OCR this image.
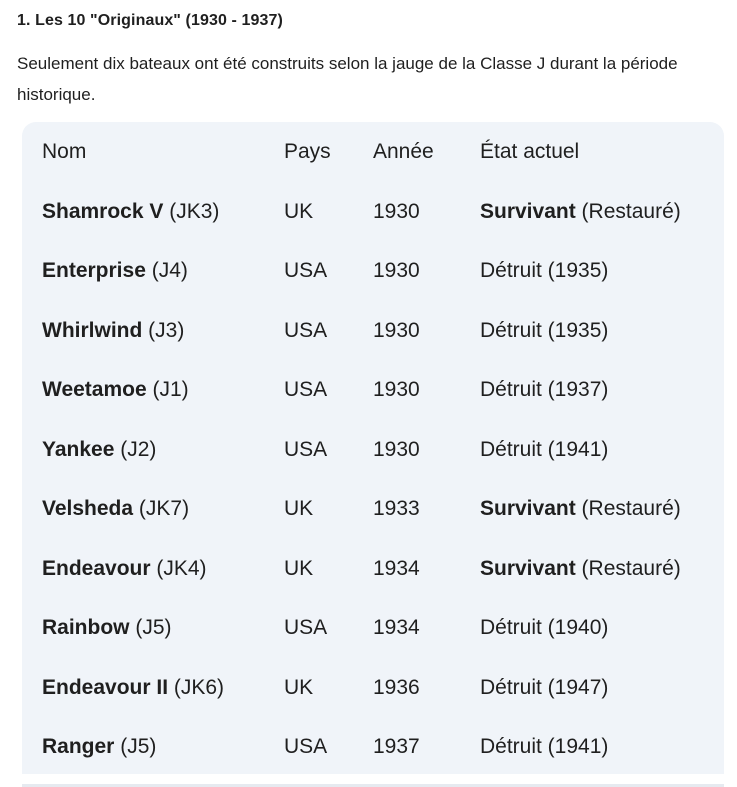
1. Les 10 "Originaux" (1930 - 1937)
Seulement dix bateaux ont été construits selon la jauge de la Classe J durant la période historique.
Nom	Pays	Année	État actuel
Shamrock V (JK3)	UK	1930	Survivant (Restauré)
Enterprise (J4)	USA	1930	Détruit (1935)
Whirlwind (J3)	USA	1930	Détruit (1935)
Weetamoe (J1)	USA	1930	Détruit (1937)
Yankee (J2)	USA	1930	Détruit (1941)
Velsheda (JK7)	UK	1933	Survivant (Restauré)
Endeavour (JK4)	UK	1934	Survivant (Restauré)
Rainbow (J5)	USA	1934	Détruit (1940)
Endeavour II (JK6)	UK	1936	Détruit (1947)
Ranger (J5)	USA	1937	Détruit (1941)
